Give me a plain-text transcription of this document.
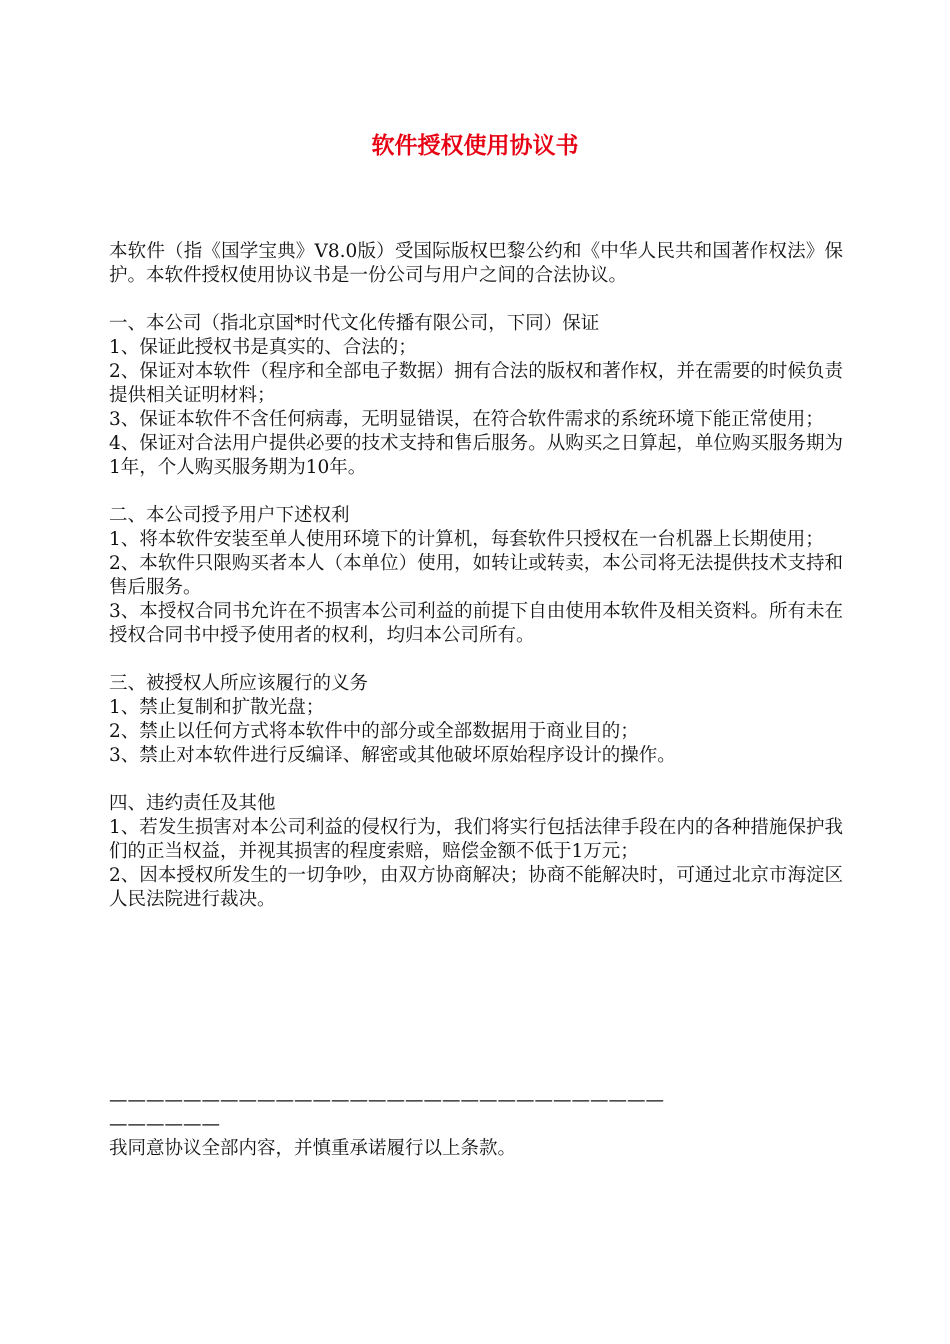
软件授权使用协议书

本软件（指《国学宝典》V8.0版）受国际版权巴黎公约和《中华人民共和国著作权法》保护。本软件授权使用协议书是一份公司与用户之间的合法协议。

一、本公司（指北京国*时代文化传播有限公司，下同）保证

1、保证此授权书是真实的、合法的；

2、保证对本软件（程序和全部电子数据）拥有合法的版权和著作权，并在需要的时候负责提供相关证明材料；

3、保证本软件不含任何病毒，无明显错误，在符合软件需求的系统环境下能正常使用；

4、保证对合法用户提供必要的技术支持和售后服务。从购买之日算起，单位购买服务期为1年，个人购买服务期为10年。

二、本公司授予用户下述权利

1、将本软件安装至单人使用环境下的计算机，每套软件只授权在一台机器上长期使用；

2、本软件只限购买者本人（本单位）使用，如转让或转卖，本公司将无法提供技术支持和售后服务。

3、本授权合同书允许在不损害本公司利益的前提下自由使用本软件及相关资料。所有未在授权合同书中授予使用者的权利，均归本公司所有。

三、被授权人所应该履行的义务

1、禁止复制和扩散光盘；

2、禁止以任何方式将本软件中的部分或全部数据用于商业目的；

3、禁止对本软件进行反编译、解密或其他破坏原始程序设计的操作。

四、违约责任及其他

1、若发生损害对本公司利益的侵权行为，我们将实行包括法律手段在内的各种措施保护我们的正当权益，并视其损害的程度索赔，赔偿金额不低于1万元；

2、因本授权所发生的一切争吵，由双方协商解决；协商不能解决时，可通过北京市海淀区人民法院进行裁决。

——————————————————————————————
——————

我同意协议全部内容，并慎重承诺履行以上条款。
